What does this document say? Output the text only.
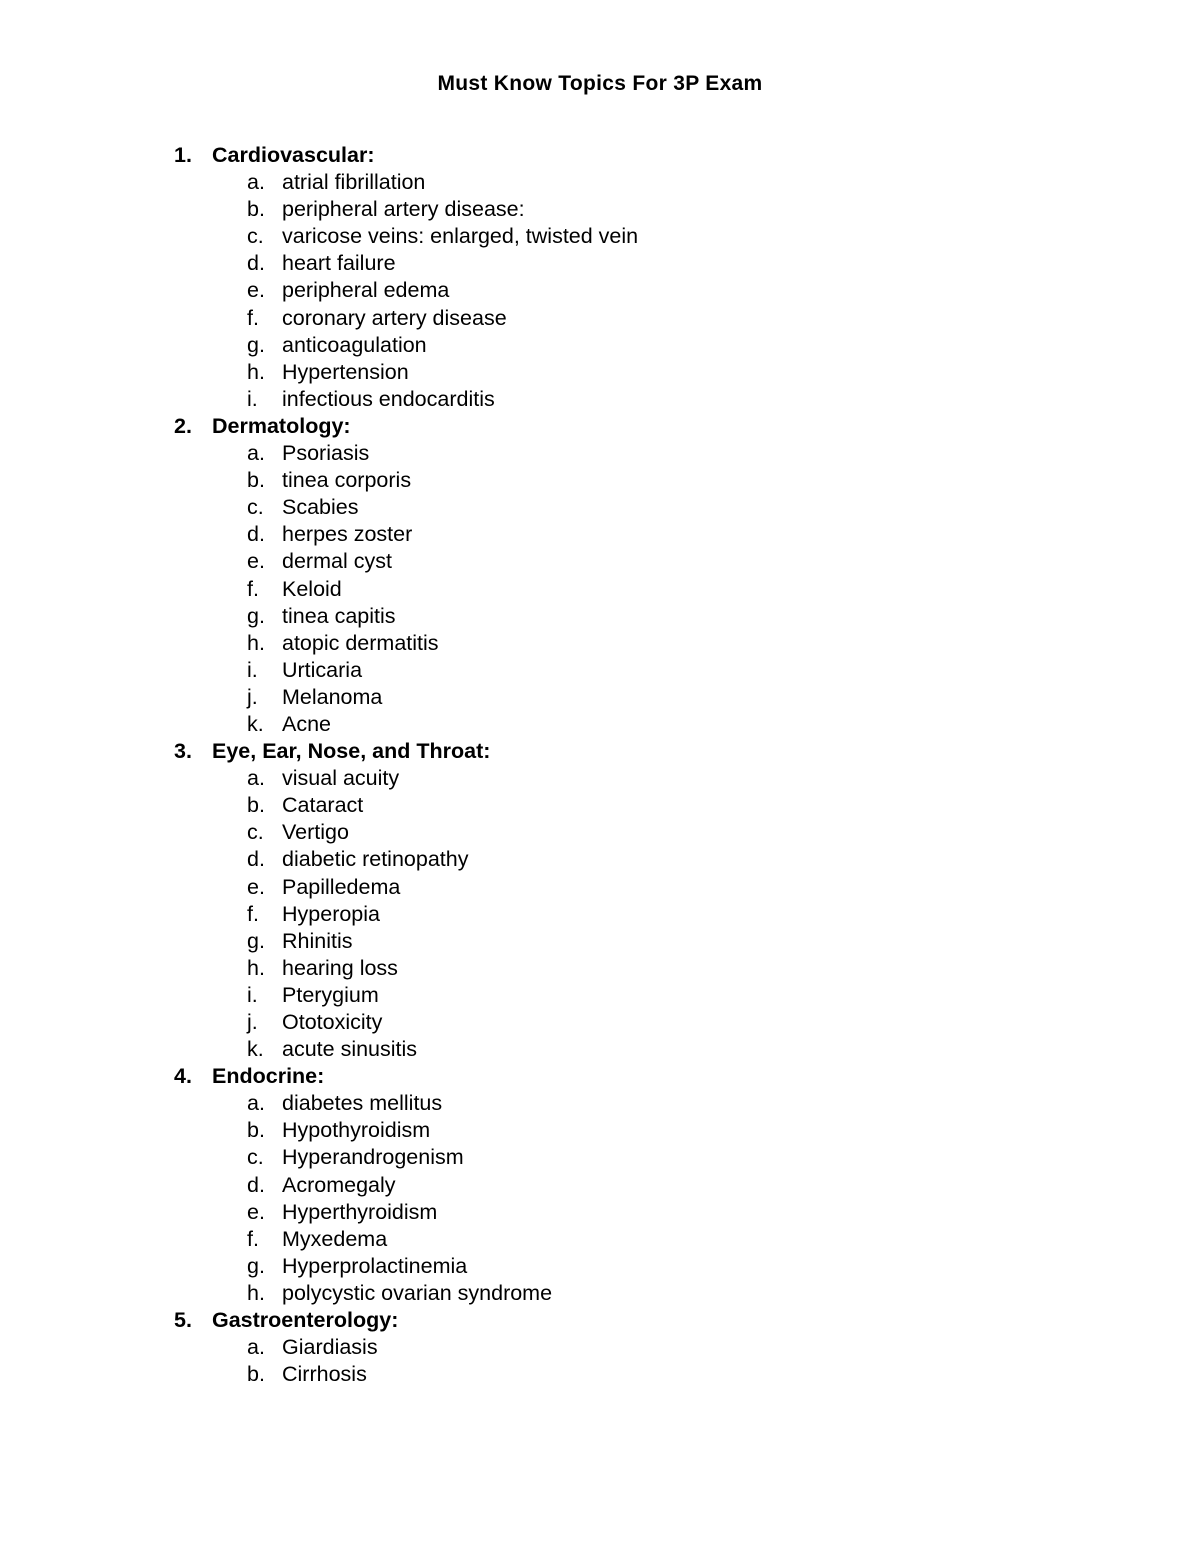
Must Know Topics For 3P Exam
1. Cardiovascular:
a. atrial fibrillation
b. peripheral artery disease:
c. varicose veins: enlarged, twisted vein
d. heart failure
e. peripheral edema
f.	coronary artery disease
g. anticoagulation
h. Hypertension
i.	infectious endocarditis
2. Dermatology:
a. Psoriasis
b. tinea corporis
c. Scabies
d. herpes zoster
e. dermal cyst
f.	Keloid
g. tinea capitis
h. atopic dermatitis
i.	Urticaria
j.	Melanoma
k. Acne
3. Eye, Ear, Nose, and Throat:
a. visual acuity
b. Cataract
c. Vertigo
d. diabetic retinopathy
e. Papilledema
f.	Hyperopia
g. Rhinitis
h. hearing loss
i.	Pterygium
j.	Ototoxicity
k. acute sinusitis
4. Endocrine:
a. diabetes mellitus
b. Hypothyroidism
c. Hyperandrogenism
d. Acromegaly
e. Hyperthyroidism
f.	Myxedema
g. Hyperprolactinemia
h. polycystic ovarian syndrome
5. Gastroenterology:
a. Giardiasis
b. Cirrhosis
